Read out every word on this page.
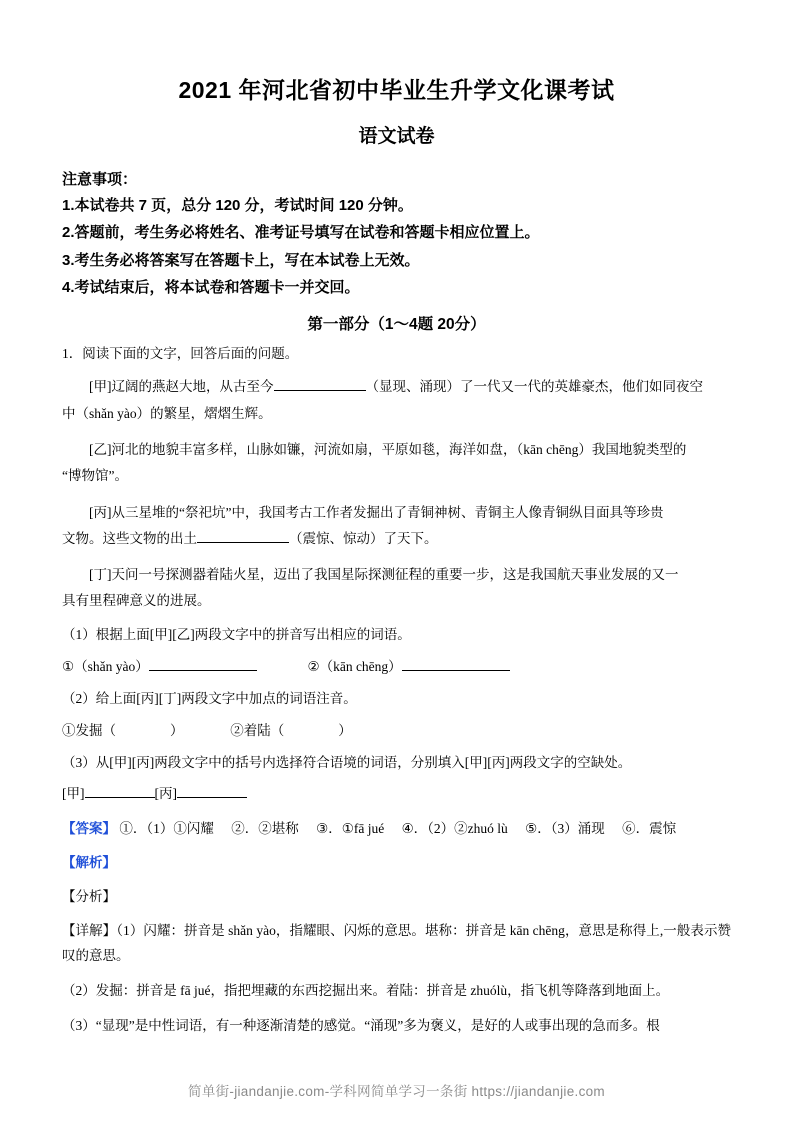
2021 年河北省初中毕业生升学文化课考试
语文试卷
注意事项：
1.本试卷共 7 页，总分 120 分，考试时间 120 分钟。
2.答题前，考生务必将姓名、准考证号填写在试卷和答题卡相应位置上。
3.考生务必将答案写在答题卡上，写在本试卷上无效。
4.考试结束后，将本试卷和答题卡一并交回。
第一部分（1～4题 20分）
1．阅读下面的文字，回答后面的问题。
[甲]辽阔的燕赵大地，从古至今	（显现、涌现）了一代又一代的英雄豪杰，他们如同夜空
中（shǎn yào）的繁星，熠熠生辉。
[乙]河北的地貌丰富多样，山脉如镰，河流如扇，平原如毯，海洋如盘，（kān chēng）我国地貌类型的
“博物馆”。
[丙]从三星堆的“祭祀坑”中，我国考古工作者发掘出了青铜神树、青铜主人像青铜纵目面具等珍贵
文物。这些文物的出土	（震惊、惊动）了天下。
[丁]天问一号探测器着陆火星，迈出了我国星际探测征程的重要一步，这是我国航天事业发展的又一
具有里程碑意义的进展。
（1）根据上面[甲][乙]两段文字中的拼音写出相应的词语。
①（shǎn yào）	②（kān chēng）
（2）给上面[丙][丁]两段文字中加点的词语注音。
①发掘（	）	②着陆（	）
（3）从[甲][丙]两段文字中的括号内选择符合语境的词语，分别填入[甲][丙]两段文字的空缺处。
[甲]	[丙]
【答案】 ①．（1）①闪耀 ②．②堪称 ③．①fā jué ④．（2）②zhuó lù ⑤．（3）涌现 ⑥．震惊
【解析】
【分析】
【详解】（1）闪耀：拼音是 shǎn yào，指耀眼、闪烁的意思。堪称：拼音是 kān chēng，意思是称得上,一般表示赞叹的意思。
（2）发掘：拼音是 fā jué，指把埋藏的东西挖掘出来。着陆：拼音是 zhuólù，指飞机等降落到地面上。
（3）“显现”是中性词语，有一种逐渐清楚的感觉。“涌现”多为褒义，是好的人或事出现的急而多。根
简单街-jiandanjie.com-学科网简单学习一条街 https://jiandanjie.com
